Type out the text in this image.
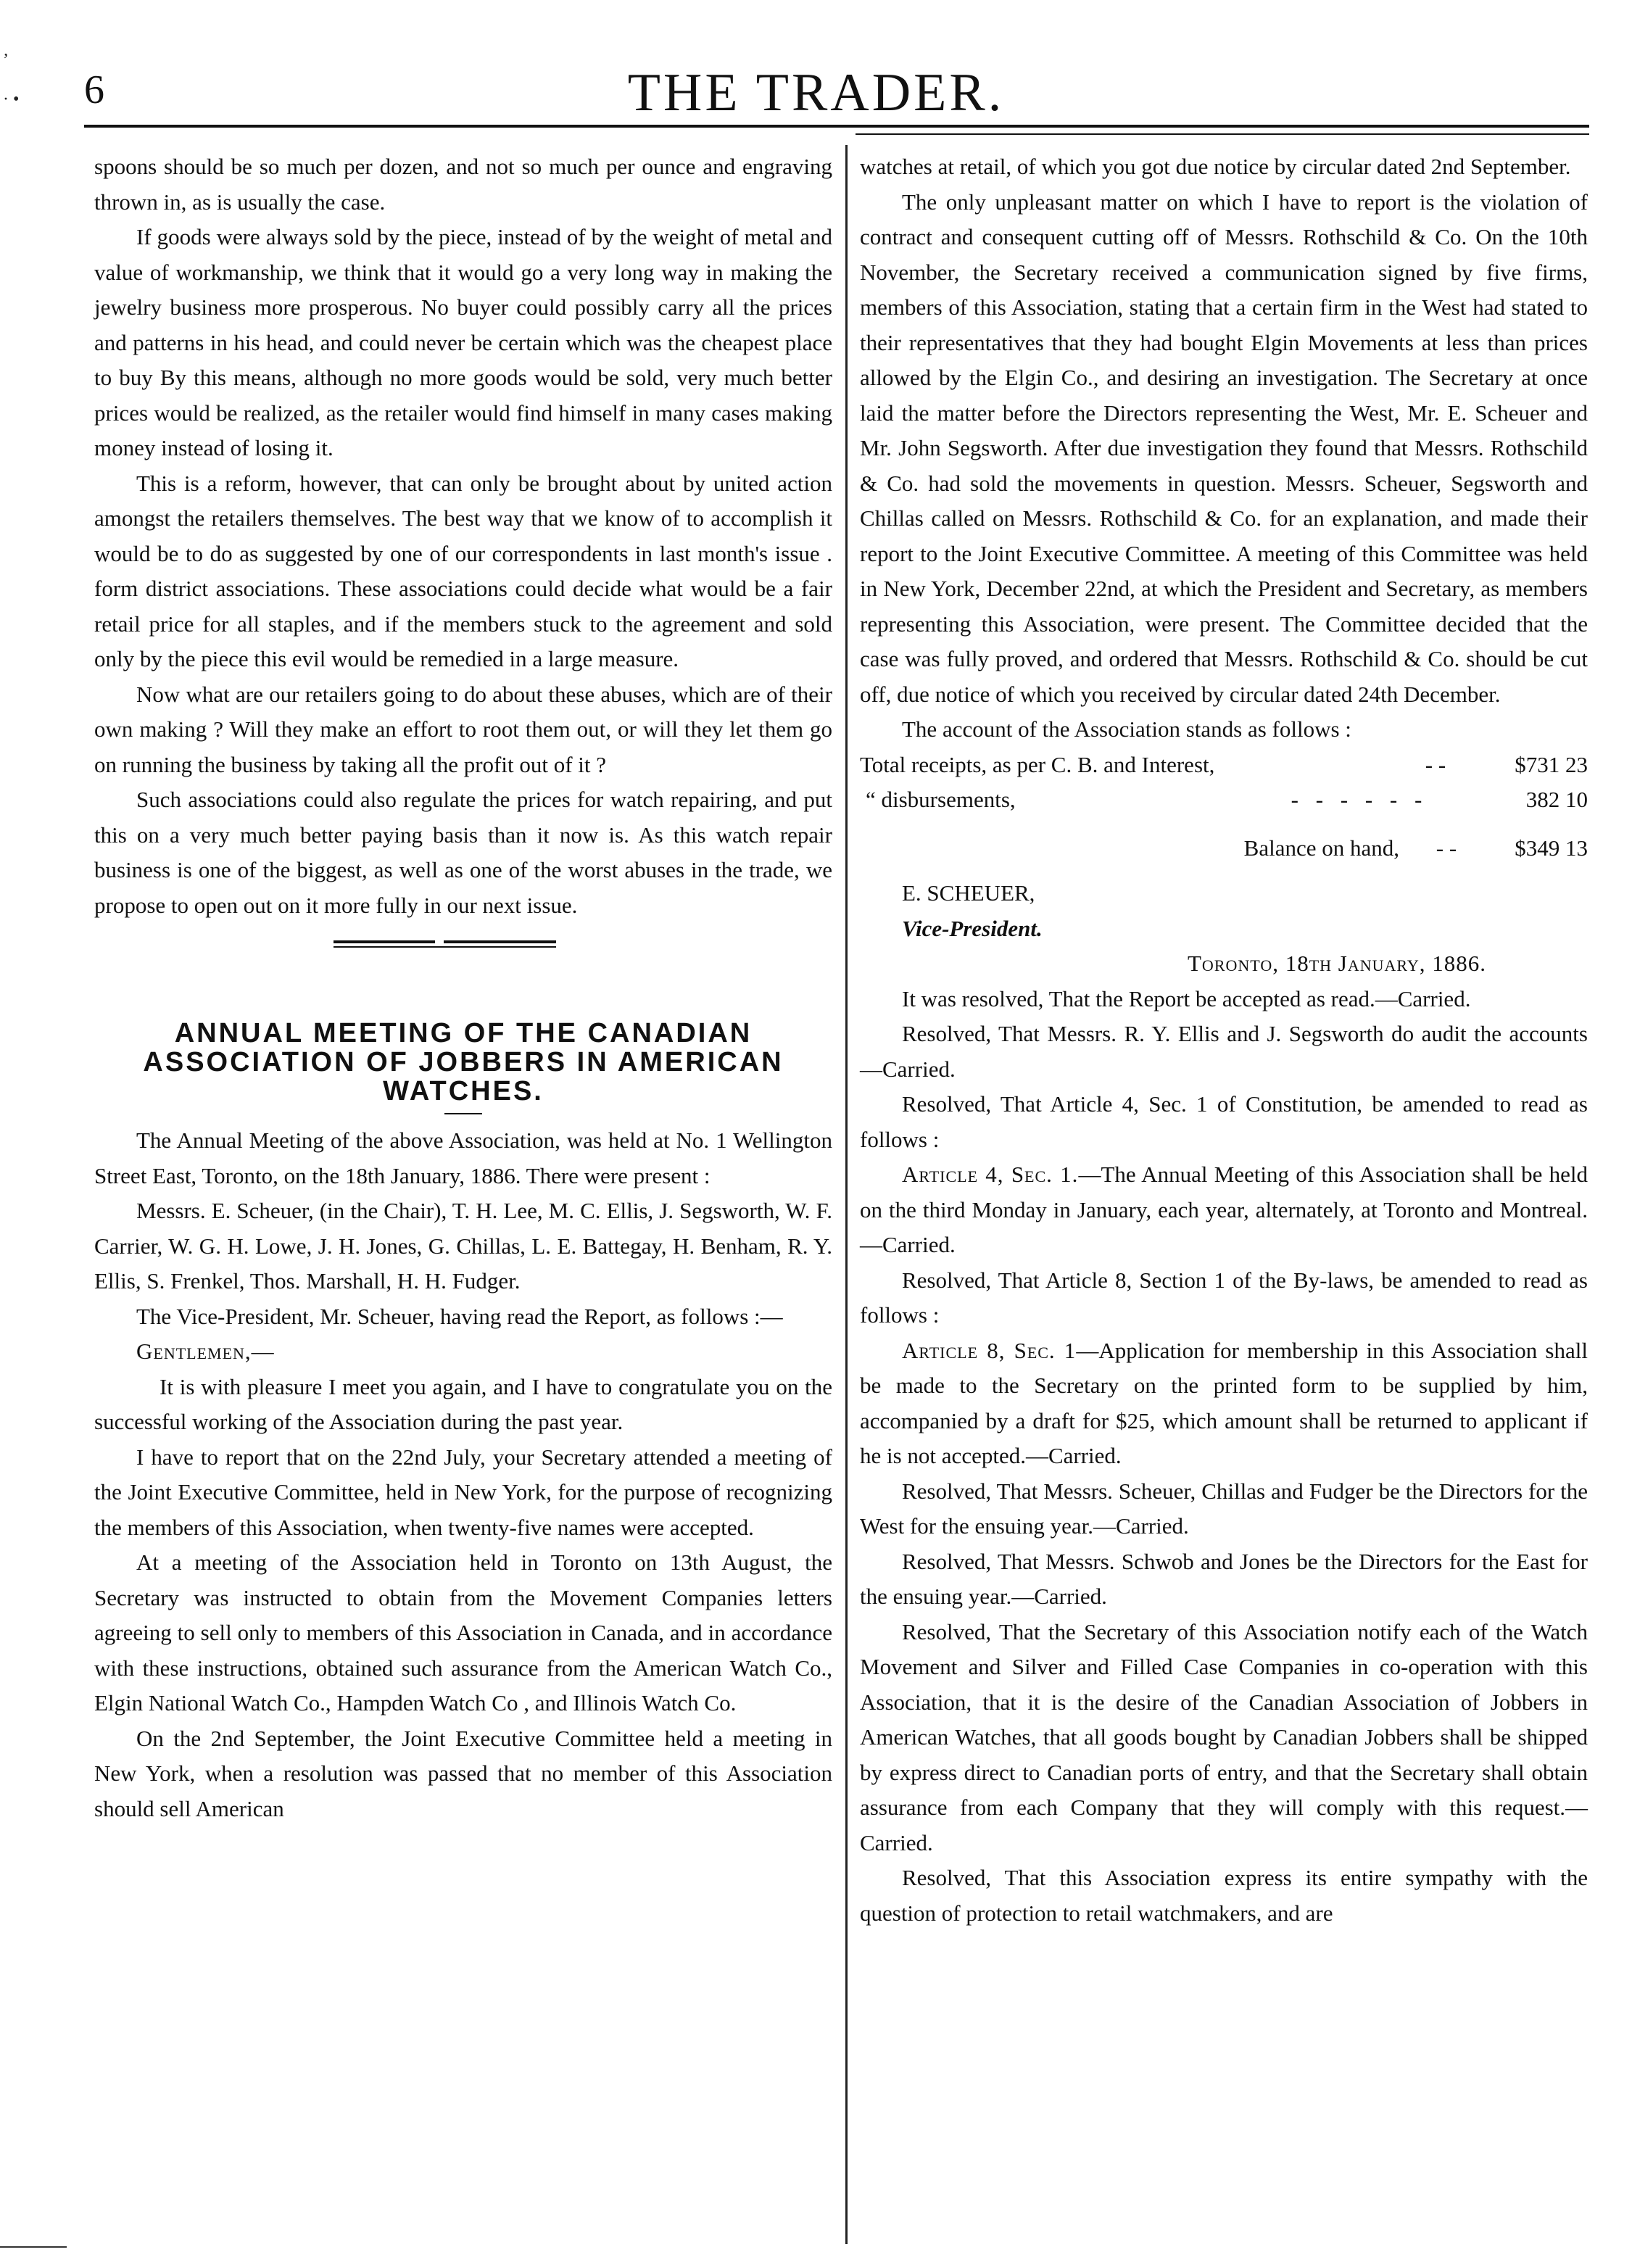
’

· • 6	THE TRADER.

spoons should be so much per dozen, and not so much per ounce and engraving thrown in, as is usually the case.

If goods were always sold by the piece, instead of by the weight of metal and value of workmanship, we think that it would go a very long way in making the jewelry business more prosperous. No buyer could possibly carry all the prices and patterns in his head, and could never be certain which was the cheapest place to buy By this means, although no more goods would be sold, very much better prices would be realized, as the retailer would find himself in many cases making money instead of losing it.

This is a reform, however, that can only be brought about by united action amongst the retailers themselves. The best way that we know of to accomplish it would be to do as suggested by one of our correspondents in last month's issue . form district associations. These associations could decide what would be a fair retail price for all staples, and if the members stuck to the agreement and sold only by the piece this evil would be remedied in a large measure.

Now what are our retailers going to do about these abuses, which are of their own making ? Will they make an effort to root them out, or will they let them go on running the business by taking all the profit out of it ?

Such associations could also regulate the prices for watch repairing, and put this on a very much better paying basis than it now is. As this watch repair business is one of the biggest, as well as one of the worst abuses in the trade, we propose to open out on it more fully in our next issue.

ANNUAL MEETING OF THE CANADIAN ASSOCIATION OF JOBBERS IN AMERICAN WATCHES.

The Annual Meeting of the above Association, was held at No. 1 Wellington Street East, Toronto, on the 18th January, 1886. There were present :

Messrs. E. Scheuer, (in the Chair), T. H. Lee, M. C. Ellis, J. Segsworth, W. F. Carrier, W. G. H. Lowe, J. H. Jones, G. Chillas, L. E. Battegay, H. Benham, R. Y. Ellis, S. Frenkel, Thos. Marshall, H. H. Fudger.

The Vice-President, Mr. Scheuer, having read the Report, as follows :—

Gentlemen,—

It is with pleasure I meet you again, and I have to congratulate you on the successful working of the Association during the past year.

I have to report that on the 22nd July, your Secretary attended a meeting of the Joint Executive Committee, held in New York, for the purpose of recognizing the members of this Association, when twenty-five names were accepted.

At a meeting of the Association held in Toronto on 13th August, the Secretary was instructed to obtain from the Movement Companies letters agreeing to sell only to members of this Association in Canada, and in accordance with these instructions, obtained such assurance from the American Watch Co., Elgin National Watch Co., Hampden Watch Co , and Illinois Watch Co.

On the 2nd September, the Joint Executive Committee held a meeting in New York, when a resolution was passed that no member of this Association should sell American

watches at retail, of which you got due notice by circular dated 2nd September.

The only unpleasant matter on which I have to report is the violation of contract and consequent cutting off of Messrs. Rothschild & Co. On the 10th November, the Secretary received a communication signed by five firms, members of this Association, stating that a certain firm in the West had stated to their representatives that they had bought Elgin Movements at less than prices allowed by the Elgin Co., and desiring an investigation. The Secretary at once laid the matter before the Directors representing the West, Mr. E. Scheuer and Mr. John Segsworth. After due investigation they found that Messrs. Rothschild & Co. had sold the movements in question. Messrs. Scheuer, Segsworth and Chillas called on Messrs. Rothschild & Co. for an explanation, and made their report to the Joint Executive Committee. A meeting of this Committee was held in New York, December 22nd, at which the President and Secretary, as members representing this Association, were present. The Committee decided that the case was fully proved, and ordered that Messrs. Rothschild & Co. should be cut off, due notice of which you received by circular dated 24th December.

The account of the Association stands as follows :

Total receipts, as per C. B. and Interest,	- -	$731 23
“ disbursements,	- - - - - -	382 10
Balance on hand,	- -	$349 13

E. SCHEUER,

Vice-President.

Toronto, 18th January, 1886.

It was resolved, That the Report be accepted as read.—Carried.

Resolved, That Messrs. R. Y. Ellis and J. Segsworth do audit the accounts —Carried.

Resolved, That Article 4, Sec. 1 of Constitution, be amended to read as follows :

Article 4, Sec. 1.—The Annual Meeting of this Association shall be held on the third Monday in January, each year, alternately, at Toronto and Montreal.—Carried.

Resolved, That Article 8, Section 1 of the By-laws, be amended to read as follows :

Article 8, Sec. 1—Application for membership in this Association shall be made to the Secretary on the printed form to be supplied by him, accompanied by a draft for $25, which amount shall be returned to applicant if he is not accepted.—Carried.

Resolved, That Messrs. Scheuer, Chillas and Fudger be the Directors for the West for the ensuing year.—Carried.

Resolved, That Messrs. Schwob and Jones be the Directors for the East for the ensuing year.—Carried.

Resolved, That the Secretary of this Association notify each of the Watch Movement and Silver and Filled Case Companies in co-operation with this Association, that it is the desire of the Canadian Association of Jobbers in American Watches, that all goods bought by Canadian Jobbers shall be shipped by express direct to Canadian ports of entry, and that the Secretary shall obtain assurance from each Company that they will comply with this request.—Carried.

Resolved, That this Association express its entire sympathy with the question of protection to retail watchmakers, and are
